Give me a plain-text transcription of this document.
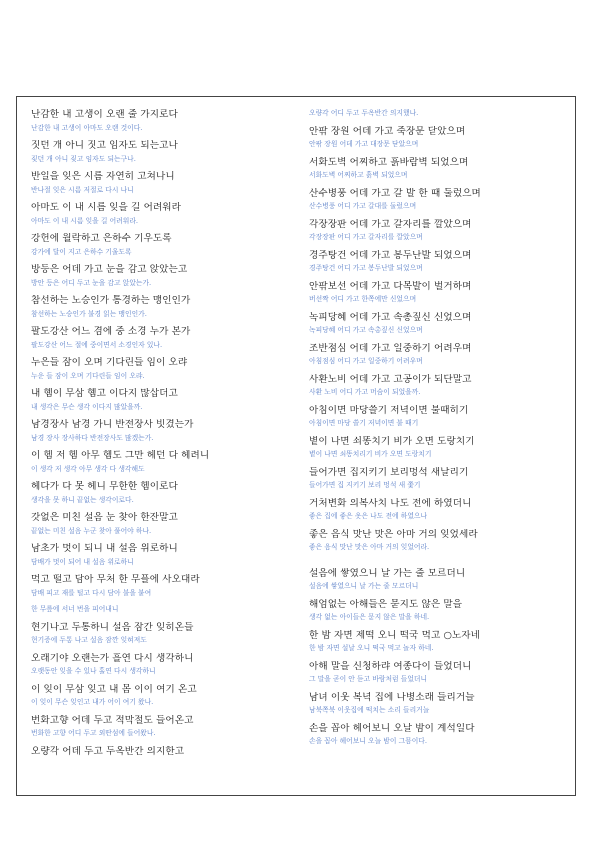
난감한 내 고생이 오랜 줄 가지로다
난감한 내 고생이 아마도 오랜 것이다.
짓던 개 아니 짓고 임자도 되는고나
짖던 개 아니 짖고 임자도 되는구나.
반일을 잊은 시름 자연히 고쳐나니
반나절 잊은 시름 저절로 다시 나니
아마도 이 내 시름 잊을 길 어려워라
아마도 이 내 시름 잊을 길 어려워라.
강헌에 월락하고 은하수 기우도록
강가에 달이 지고 은하수 기울도록
방등은 어데 가고 눈을 감고 앉았는고
방안 등은 어디 두고 눈을 감고 앉았는가.
참선하는 노승인가 통경하는 맹인인가
참선하는 노승인가 불경 읽는 맹인인가.
팔도강산 어느 겸에 중 소경 누가 본가
팔도강산 어느 절에 중이면서 소경인자 있나.
누은들 잠이 오며 기다린들 임이 오랴
누운 들 잠이 오며 기다린들 임이 오랴.
내 혬이 무삼 혬고 이다지 많삽더고
내 생각은 무슨 생각 이다지 많았을까.
남경장사 남경 가니 반전장사 빗겼는가
남경 장사 장사하다 반전장사도 많겠는가.
이 헴 저 헴 아무 헴도 그만 헤던 다 헤려니
이 생각 저 생각 아무 생각 다 생각해도
헤다가 다 못 헤니 무한한 헴이로다
생각을 못 하니 끝없는 생각이로다.
갓없은 미친 설음 눈 찾아 한잔말고
끝없는 미친 설음 누군 찾아 풀어야 하나.
남초가 멋이 되니 내 설음 위로하니
담배가 멋이 되어 내 설음 위로하니
먹고 떨고 담아 무처 한 무플에 사오대라
담배 피고 재를 털고 다시 담아 불을 붙여
한 무릎에 서너 번을 피어내니
현기나고 두통하니 설음 잠간 잊히온들
현기증에 두통 나고 설음 잠깐 잊혀져도
오래기야 오랜는가 흘연 다시 생각하니
오랫동안 잊을 수 있나 홀연 다시 생각하니
이 잊이 무삼 잊고 내 몸 이이 여기 온고
이 잊이 무슨 잊인고 내가 어이 여기 왔나.
번화고향 어데 두고 적막절도 들어온고
번화한 고향 어디 두고 외딴섬에 들어왔나.
오량각 어데 두고 두옥반간 의지한고
오량각 어디 두고 두옥반간 의지했나.
안팎 장원 어데 가고 죽장문 닫았으며
안팎 장원 어데 가고 대장문 닫았으며
서화도벽 어찌하고 흙바람벽 되었으며
서화도벽 어찌하고 흙벽 되었으며
산수병풍 어데 가고 갈 발 한 때 둘렀으며
산수병풍 어디 가고 갈대를 둘렀으며
각장장판 어데 가고 갈자리를 깔았으며
각장장판 어디 가고 갈자리를 깔았으며
경주탕건 어데 가고 봉두난발 되었으며
경주탕건 어디 가고 봉두난발 되었으며
안팎보선 어데 가고 다목발이 벌거하며
버선짝 어디 가고 한쪽에만 신었으며
녹피당혜 어데 가고 속총짚신 신었으며
녹피당혜 어디 가고 속총짚신 신었으며
조반점심 어데 가고 일중하기 어려우며
아침점심 어디 가고 일중하기 어려우며
사환노비 어데 가고 고공이가 되단말고
사환 노비 어디 가고 머슴이 되었을까.
아침이면 마당쓸기 저녁이면 불때히기
아침이면 마당 쓸기 저녁이면 불 때기
볕이 나면 쇠똥치기 비가 오면 도랑치기
볕이 나면 쇠똥치리기 비가 오면 도랑치기
들어가면 집지키기 보리멍석 새날리기
들어가면 집 지키기 보리 멍석 새 쫓기
거처변화 의복사치 나도 전에 하였더니
좋은 집에 좋은 옷은 나도 전에 하였으나
좋은 음식 맛난 맛은 아마 거의 잊었세라
좋은 음식 맛난 맛은 아마 거의 잊었어라.
설음에 쌓였으니 날 가는 줄 모르더니
설음에 쌓였으니 날 가는 줄 모르더니
해엄없는 아해들은 묻지도 않은 말을
생각 없는 아이들은 묻지 않은 말을 하네.
한 밤 자면 제떡 오니 떡국 먹고 ○노자네
한 밤 자면 설날 오니 떡국 먹고 놀자 하네.
아해 말을 신청하랴 여종다이 들었더니
그 말을 곧이 안 듣고 바람처럼 들었더니
남녀 이웃 복녁 집에 나병소래 들리거늘
남북쪽북 이웃집에 떡치는 소리 들리거늘
손을 꼽아 헤어보니 오날 밤이 계석일다
손을 꼽아 헤어보니 오늘 밤이 그믐이다.
